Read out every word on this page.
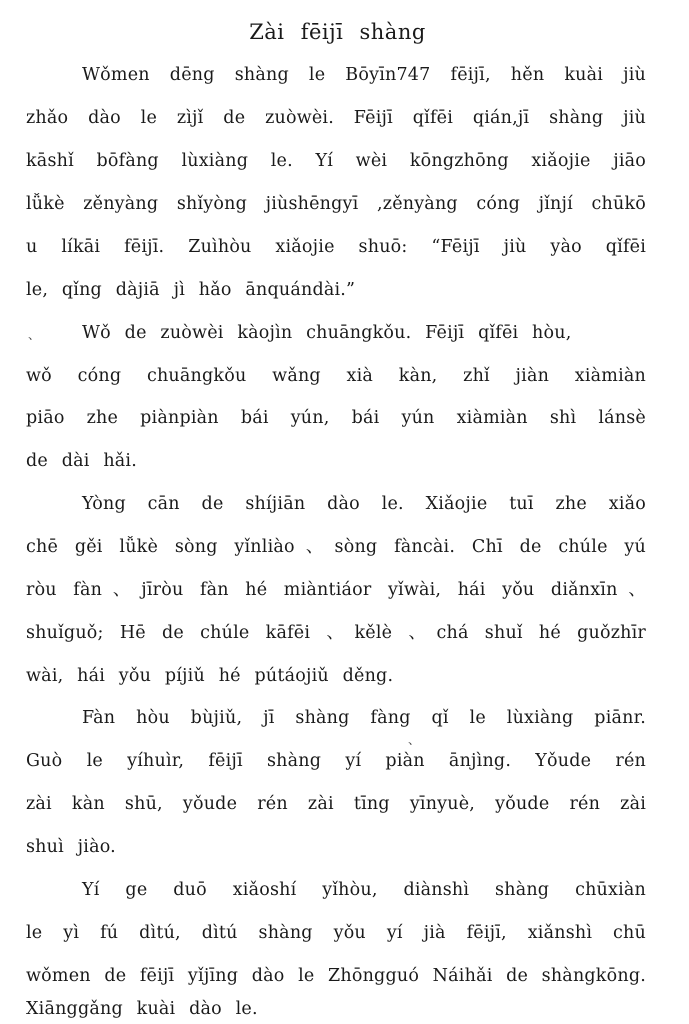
Zài fēijī shàng
Wǒmen dēng shàng le Bōyīn747 fēijī, hěn kuài jiù
zhǎo dào le zìjǐ de zuòwèi. Fēijī qǐfēi qián,jī shàng jiù
kāshǐ bōfàng lùxiàng le. Yí wèi kōngzhōng xiǎojie jiāo
lǚkè zěnyàng shǐyòng jiùshēngyī ,zěnyàng cóng jǐnjí chūkō
u líkāi fēijī. Zuìhòu xiǎojie shuō: “Fēijī jiù yào qǐfēi
le, qǐng dàjiā jì hǎo ānquándài.”
、 Wǒ de zuòwèi kàojìn chuāngkǒu. Fēijī qǐfēi hòu,
wǒ cóng chuāngkǒu wǎng xià kàn, zhǐ jiàn xiàmiàn
piāo zhe piànpiàn bái yún, bái yún xiàmiàn shì lánsè
de dài hǎi.
Yòng cān de shíjiān dào le. Xiǎojie tuī zhe xiǎo
chē gěi lǚkè sòng yǐnliào、sòng fàncài. Chī de chúle yú
ròu fàn、jīròu fàn hé miàntiáor yǐwài, hái yǒu diǎnxīn、
shuǐguǒ; Hē de chúle kāfēi 、kělè 、chá shuǐ hé guǒzhīr
wài, hái yǒu píjiǔ hé pútáojiǔ děng.
Fàn hòu bùjiǔ, jī shàng fàng qǐ le lùxiàng piānr.
、
Guò le yíhuìr, fēijī shàng yí piàn ānjìng. Yǒude rén
zài kàn shū, yǒude rén zài tīng yīnyuè, yǒude rén zài
shuì jiào.
Yí ge duō xiǎoshí yǐhòu, diànshì shàng chūxiàn
le yì fú dìtú, dìtú shàng yǒu yí jià fēijī, xiǎnshì chū
wǒmen de fēijī yǐjīng dào le Zhōngguó Náihǎi de shàngkōng.
Xiānggǎng kuài dào le.
